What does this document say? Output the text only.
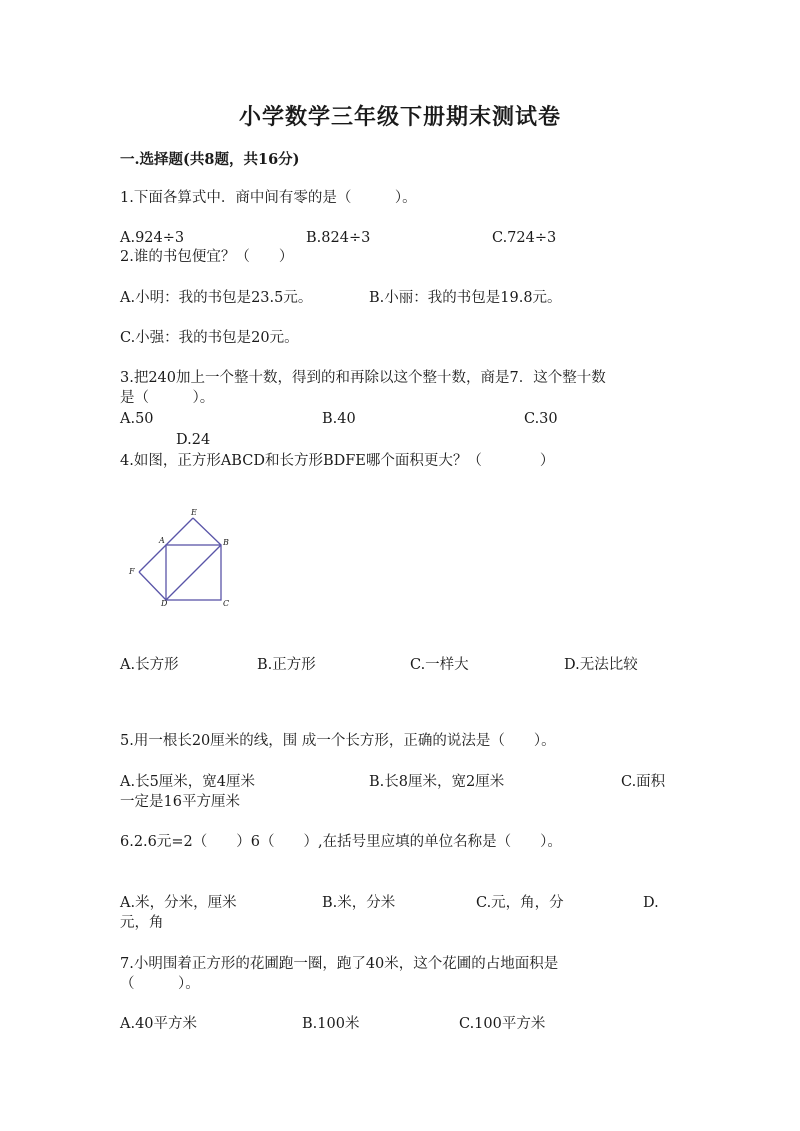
小学数学三年级下册期末测试卷
一.选择题(共8题，共16分)
1.下面各算式中．商中间有零的是（　　　）。
A.924÷3	B.824÷3	C.724÷3
2.谁的书包便宜？（　　）
A.小明：我的书包是23.5元。	B.小丽：我的书包是19.8元。
C.小强：我的书包是20元。
3.把240加上一个整十数，得到的和再除以这个整十数，商是7．这个整十数
是（　　　）。
A.50	B.40	C.30
D.24
4.如图，正方形ABCD和长方形BDFE哪个面积更大？（　　　　）
E
A	B
F
D	C
A.长方形	B.正方形	C.一样大	D.无法比较
5.用一根长20厘米的线，围 成一个长方形，正确的说法是（　　）。
A.长5厘米，宽4厘米	B.长8厘米，宽2厘米	C.面积
一定是16平方厘米
6.2.6元=2（　　）6（　　）,在括号里应填的单位名称是（　　）。
A.米，分米，厘米	B.米，分米	C.元，角，分	D.
元，角
7.小明围着正方形的花圃跑一圈，跑了40米，这个花圃的占地面积是
（　　　）。
A.40平方米	B.100米	C.100平方米
